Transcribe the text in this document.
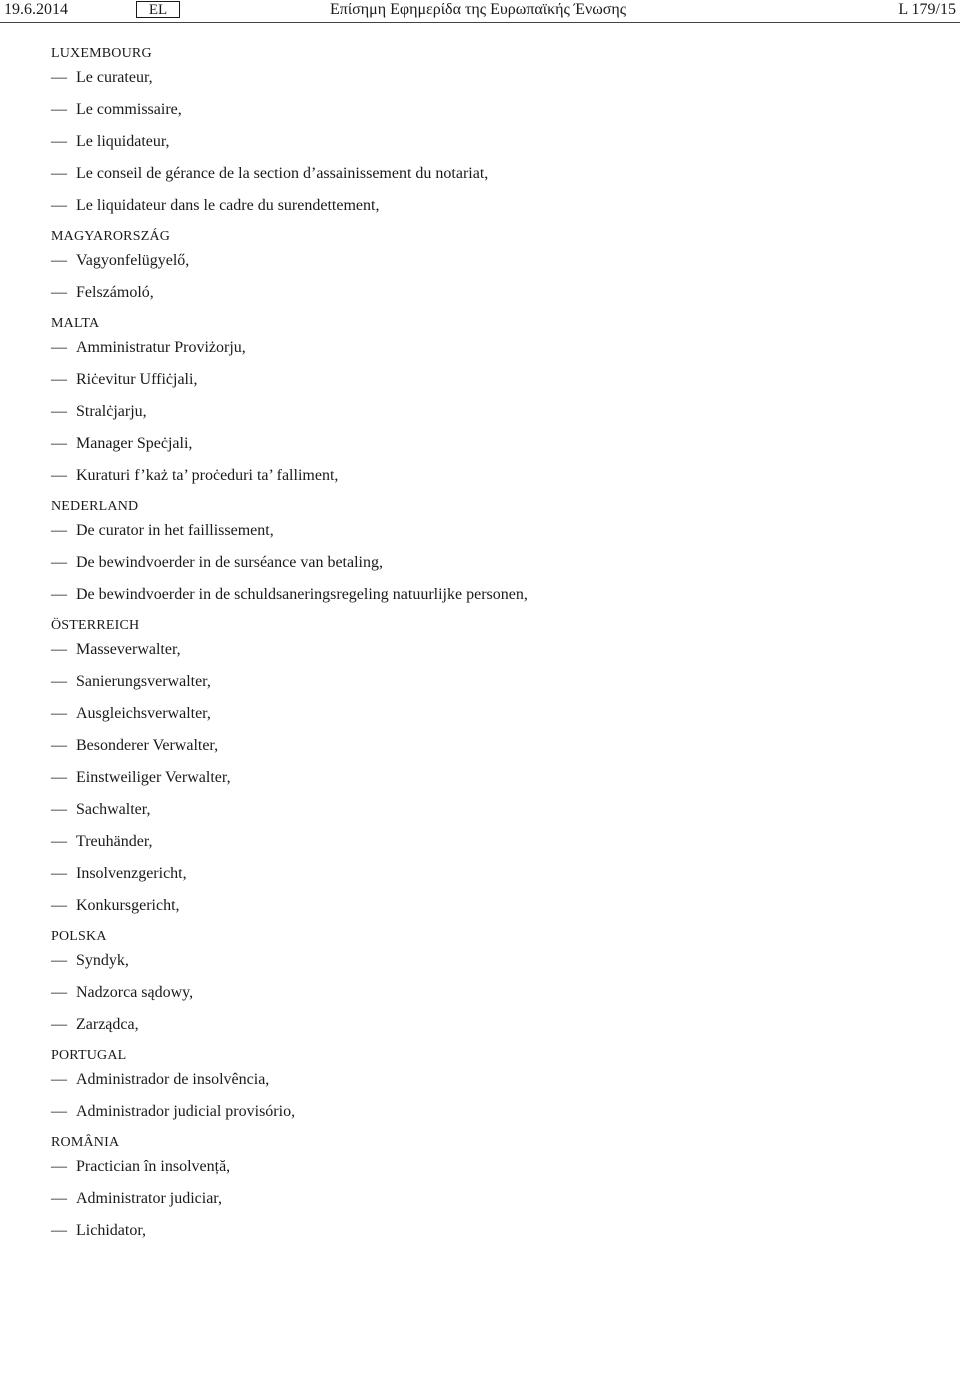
19.6.2014	EL	Επίσημη Εφημερίδα της Ευρωπαϊκής Ένωσης	L 179/15
LUXEMBOURG
— Le curateur,
— Le commissaire,
— Le liquidateur,
— Le conseil de gérance de la section d’assainissement du notariat,
— Le liquidateur dans le cadre du surendettement,
MAGYARORSZÁG
— Vagyonfelügyelő,
— Felszámoló,
MALTA
— Amministratur Proviżorju,
— Riċevitur Uffiċjali,
— Stralċjarju,
— Manager Speċjali,
— Kuraturi f’każ ta’ proċeduri ta’ falliment,
NEDERLAND
— De curator in het faillissement,
— De bewindvoerder in de surséance van betaling,
— De bewindvoerder in de schuldsaneringsregeling natuurlijke personen,
ÖSTERREICH
— Masseverwalter,
— Sanierungsverwalter,
— Ausgleichsverwalter,
— Besonderer Verwalter,
— Einstweiliger Verwalter,
— Sachwalter,
— Treuhänder,
— Insolvenzgericht,
— Konkursgericht,
POLSKA
— Syndyk,
— Nadzorca sądowy,
— Zarządca,
PORTUGAL
— Administrador de insolvência,
— Administrador judicial provisório,
ROMÂNIA
— Practician în insolvență,
— Administrator judiciar,
— Lichidator,
